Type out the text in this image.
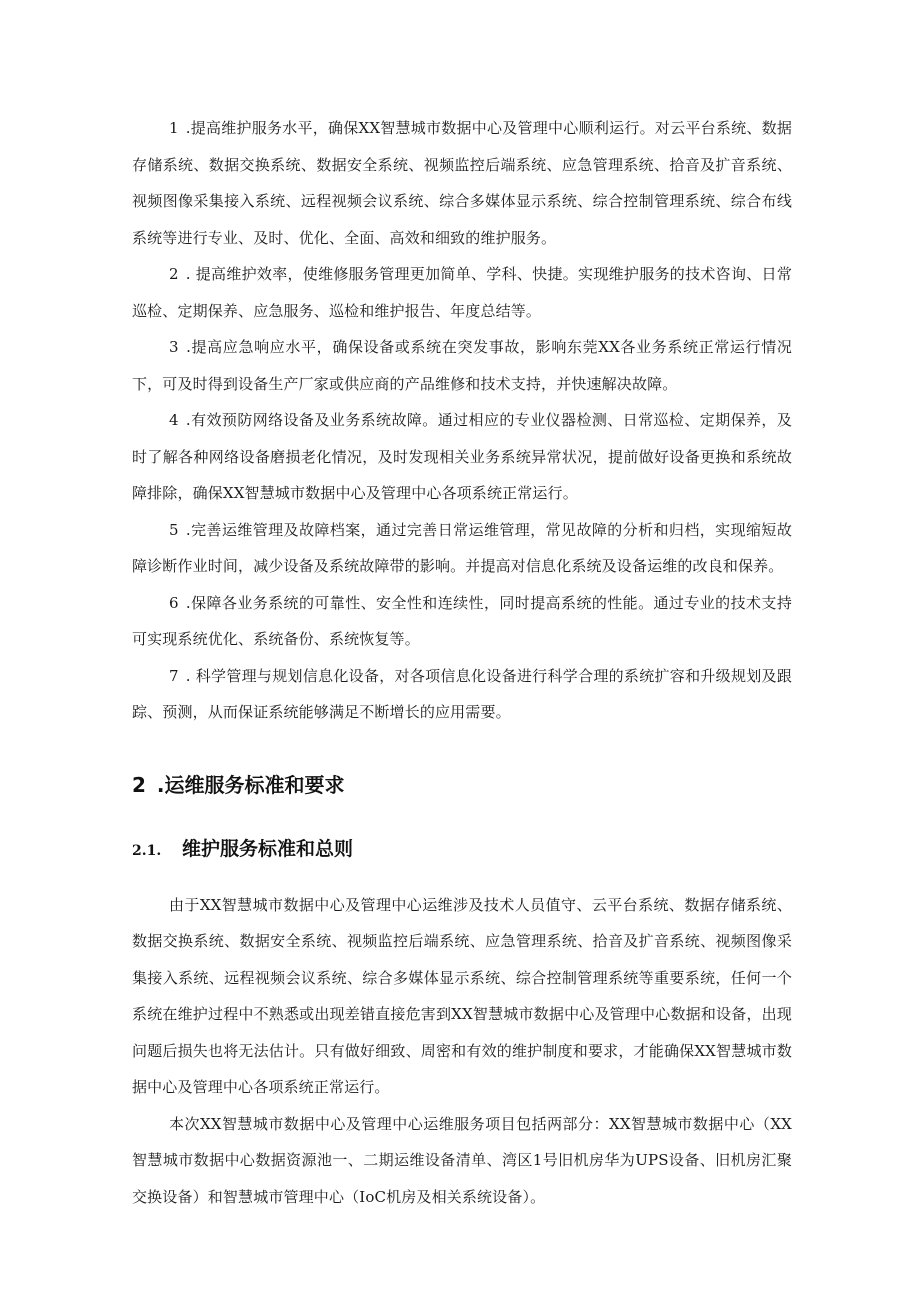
1 .提高维护服务水平，确保XX智慧城市数据中心及管理中心顺利运行。对云平台系统、数据存储系统、数据交换系统、数据安全系统、视频监控后端系统、应急管理系统、拾音及扩音系统、视频图像采集接入系统、远程视频会议系统、综合多媒体显示系统、综合控制管理系统、综合布线系统等进行专业、及时、优化、全面、高效和细致的维护服务。

2 . 提高维护效率，使维修服务管理更加简单、学科、快捷。实现维护服务的技术咨询、日常巡检、定期保养、应急服务、巡检和维护报告、年度总结等。

3 .提高应急响应水平，确保设备或系统在突发事故，影响东莞XX各业务系统正常运行情况下，可及时得到设备生产厂家或供应商的产品维修和技术支持，并快速解决故障。

4 .有效预防网络设备及业务系统故障。通过相应的专业仪器检测、日常巡检、定期保养，及时了解各种网络设备磨损老化情况，及时发现相关业务系统异常状况，提前做好设备更换和系统故障排除，确保XX智慧城市数据中心及管理中心各项系统正常运行。

5 .完善运维管理及故障档案，通过完善日常运维管理，常见故障的分析和归档，实现缩短故障诊断作业时间，减少设备及系统故障带的影响。并提高对信息化系统及设备运维的改良和保养。

6 .保障各业务系统的可靠性、安全性和连续性，同时提高系统的性能。通过专业的技术支持可实现系统优化、系统备份、系统恢复等。

7 . 科学管理与规划信息化设备，对各项信息化设备进行科学合理的系统扩容和升级规划及跟踪、预测，从而保证系统能够满足不断增长的应用需要。

2 .运维服务标准和要求
2.1. 维护服务标准和总则

由于XX智慧城市数据中心及管理中心运维涉及技术人员值守、云平台系统、数据存储系统、数据交换系统、数据安全系统、视频监控后端系统、应急管理系统、拾音及扩音系统、视频图像采集接入系统、远程视频会议系统、综合多媒体显示系统、综合控制管理系统等重要系统，任何一个系统在维护过程中不熟悉或出现差错直接危害到XX智慧城市数据中心及管理中心数据和设备，出现问题后损失也将无法估计。只有做好细致、周密和有效的维护制度和要求，才能确保XX智慧城市数据中心及管理中心各项系统正常运行。

本次XX智慧城市数据中心及管理中心运维服务项目包括两部分：XX智慧城市数据中心（XX智慧城市数据中心数据资源池一、二期运维设备清单、湾区1号旧机房华为UPS设备、旧机房汇聚交换设备）和智慧城市管理中心（IoC机房及相关系统设备）。
